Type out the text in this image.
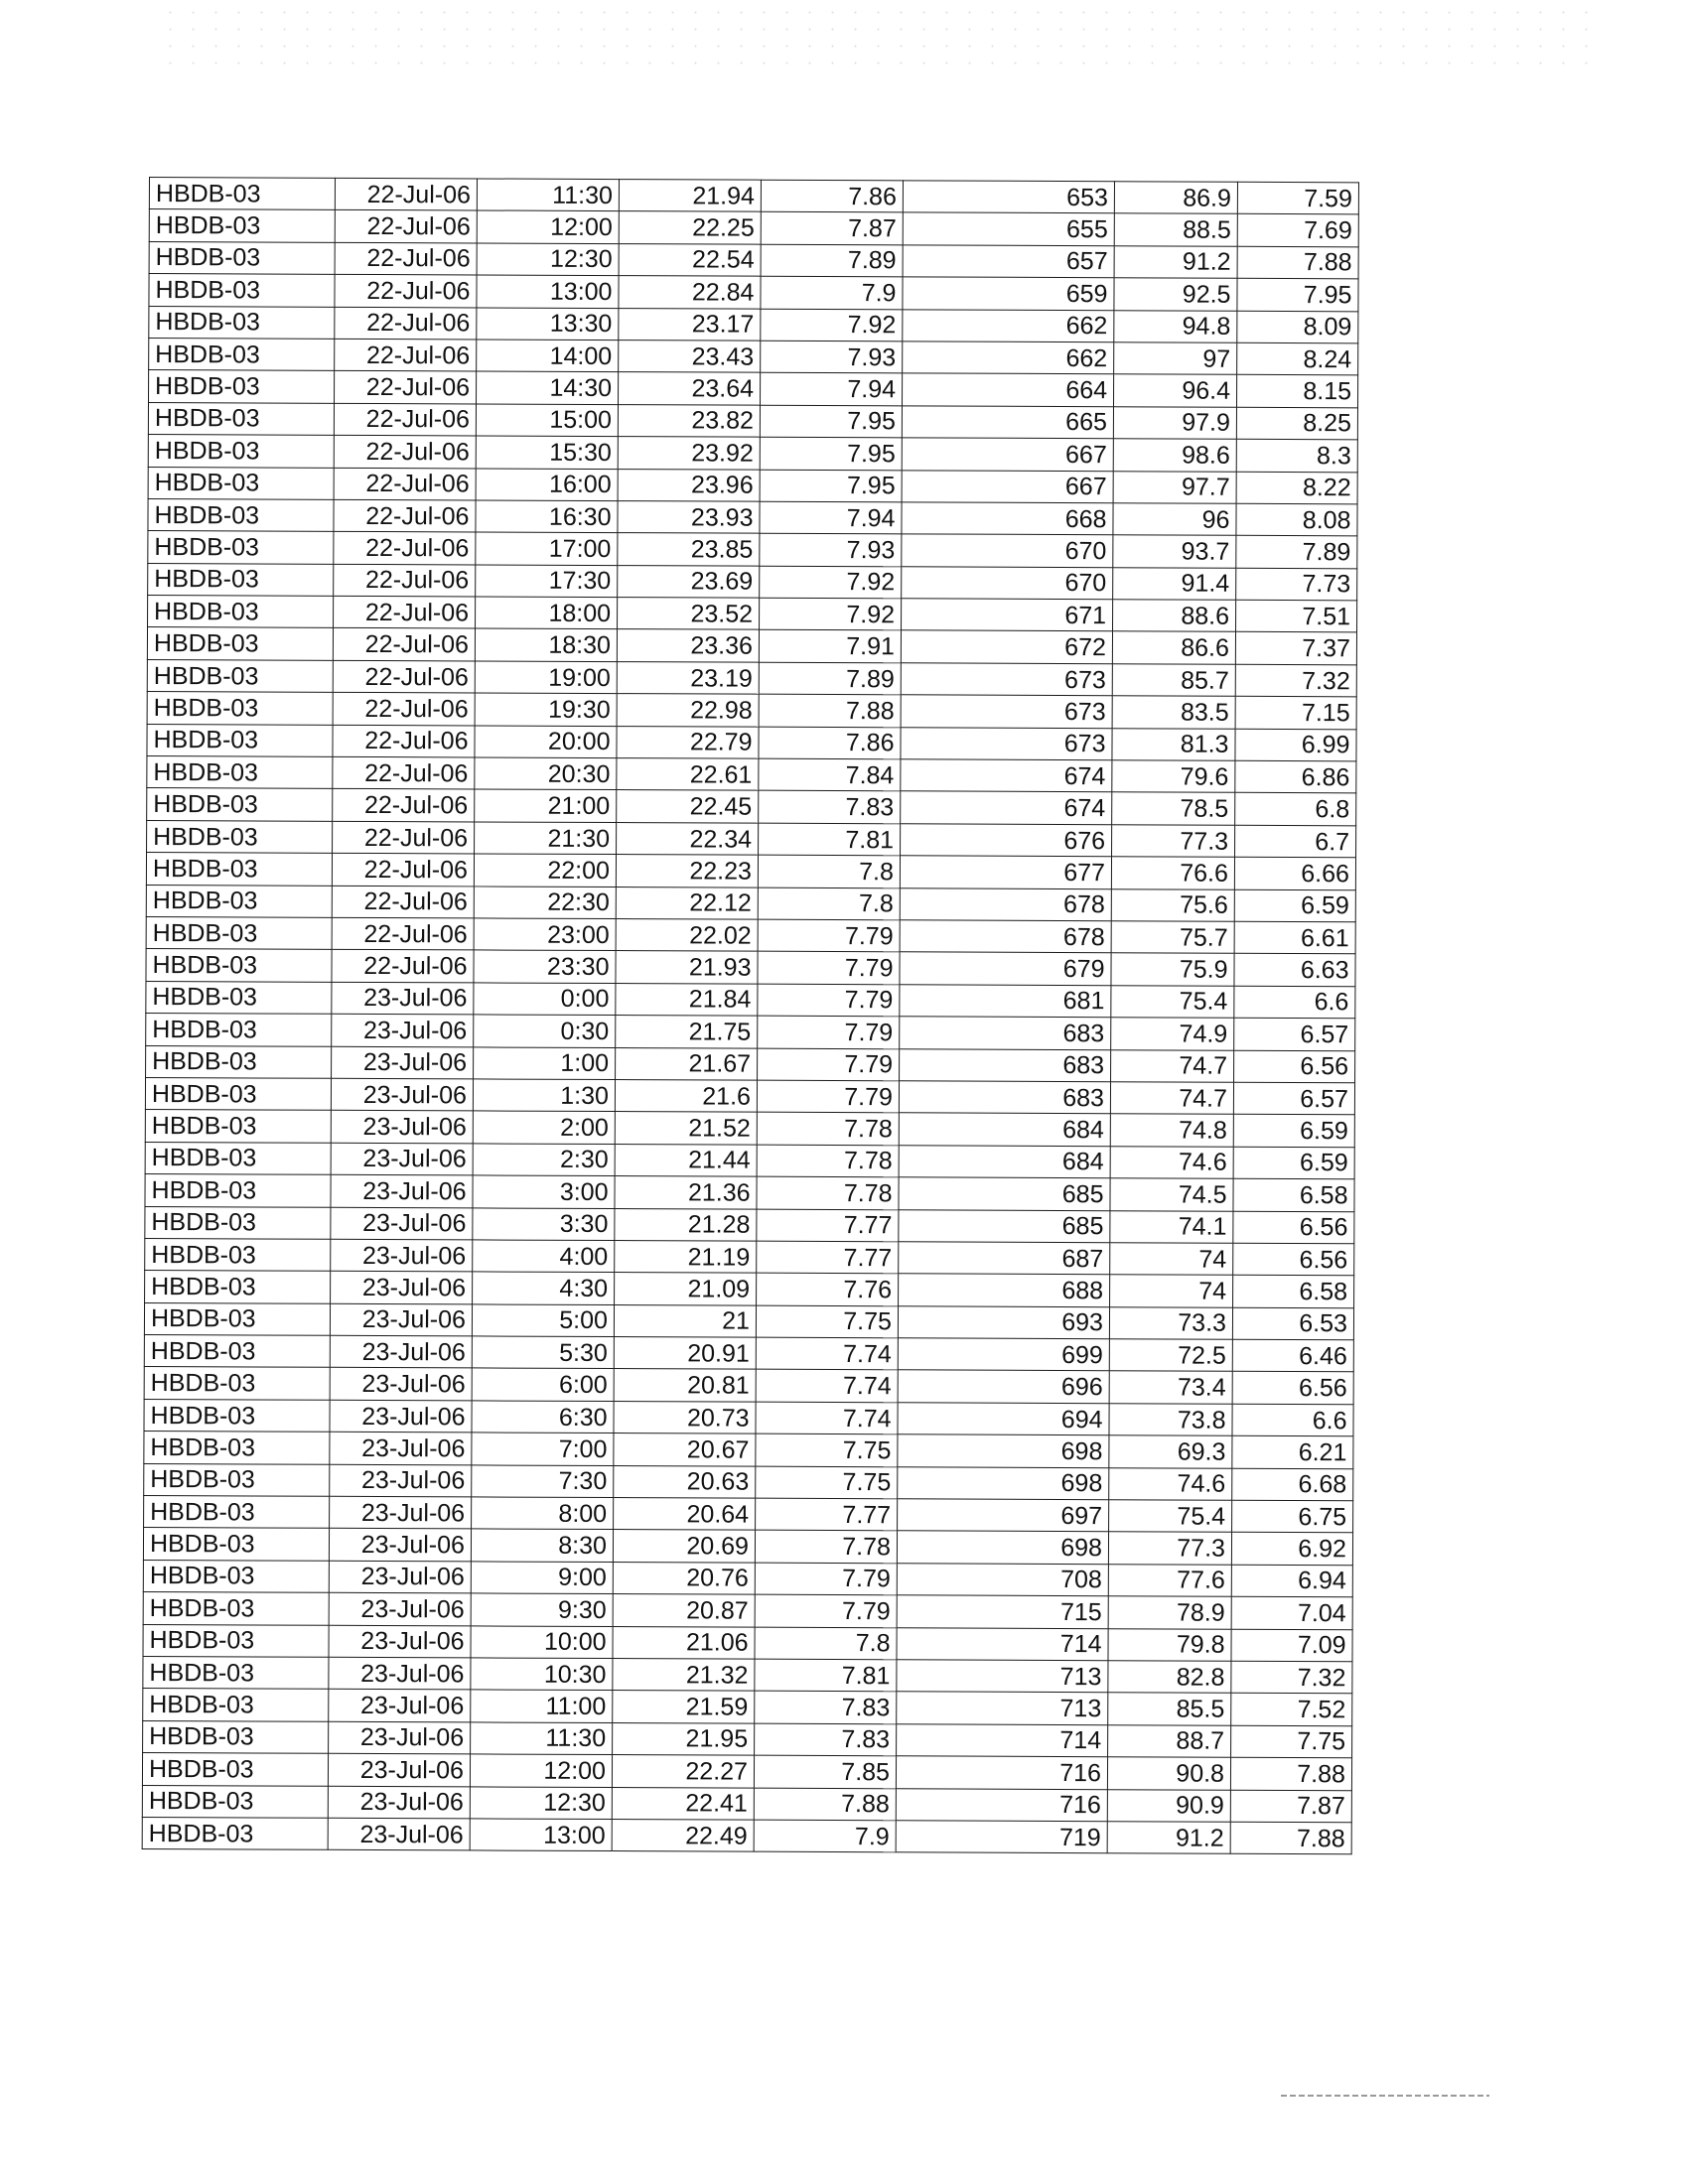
HBDB-03	22-Jul-06	11:30	21.94	7.86	653	86.9	7.59
HBDB-03	22-Jul-06	12:00	22.25	7.87	655	88.5	7.69
HBDB-03	22-Jul-06	12:30	22.54	7.89	657	91.2	7.88
HBDB-03	22-Jul-06	13:00	22.84	7.9	659	92.5	7.95
HBDB-03	22-Jul-06	13:30	23.17	7.92	662	94.8	8.09
HBDB-03	22-Jul-06	14:00	23.43	7.93	662	97	8.24
HBDB-03	22-Jul-06	14:30	23.64	7.94	664	96.4	8.15
HBDB-03	22-Jul-06	15:00	23.82	7.95	665	97.9	8.25
HBDB-03	22-Jul-06	15:30	23.92	7.95	667	98.6	8.3
HBDB-03	22-Jul-06	16:00	23.96	7.95	667	97.7	8.22
HBDB-03	22-Jul-06	16:30	23.93	7.94	668	96	8.08
HBDB-03	22-Jul-06	17:00	23.85	7.93	670	93.7	7.89
HBDB-03	22-Jul-06	17:30	23.69	7.92	670	91.4	7.73
HBDB-03	22-Jul-06	18:00	23.52	7.92	671	88.6	7.51
HBDB-03	22-Jul-06	18:30	23.36	7.91	672	86.6	7.37
HBDB-03	22-Jul-06	19:00	23.19	7.89	673	85.7	7.32
HBDB-03	22-Jul-06	19:30	22.98	7.88	673	83.5	7.15
HBDB-03	22-Jul-06	20:00	22.79	7.86	673	81.3	6.99
HBDB-03	22-Jul-06	20:30	22.61	7.84	674	79.6	6.86
HBDB-03	22-Jul-06	21:00	22.45	7.83	674	78.5	6.8
HBDB-03	22-Jul-06	21:30	22.34	7.81	676	77.3	6.7
HBDB-03	22-Jul-06	22:00	22.23	7.8	677	76.6	6.66
HBDB-03	22-Jul-06	22:30	22.12	7.8	678	75.6	6.59
HBDB-03	22-Jul-06	23:00	22.02	7.79	678	75.7	6.61
HBDB-03	22-Jul-06	23:30	21.93	7.79	679	75.9	6.63
HBDB-03	23-Jul-06	0:00	21.84	7.79	681	75.4	6.6
HBDB-03	23-Jul-06	0:30	21.75	7.79	683	74.9	6.57
HBDB-03	23-Jul-06	1:00	21.67	7.79	683	74.7	6.56
HBDB-03	23-Jul-06	1:30	21.6	7.79	683	74.7	6.57
HBDB-03	23-Jul-06	2:00	21.52	7.78	684	74.8	6.59
HBDB-03	23-Jul-06	2:30	21.44	7.78	684	74.6	6.59
HBDB-03	23-Jul-06	3:00	21.36	7.78	685	74.5	6.58
HBDB-03	23-Jul-06	3:30	21.28	7.77	685	74.1	6.56
HBDB-03	23-Jul-06	4:00	21.19	7.77	687	74	6.56
HBDB-03	23-Jul-06	4:30	21.09	7.76	688	74	6.58
HBDB-03	23-Jul-06	5:00	21	7.75	693	73.3	6.53
HBDB-03	23-Jul-06	5:30	20.91	7.74	699	72.5	6.46
HBDB-03	23-Jul-06	6:00	20.81	7.74	696	73.4	6.56
HBDB-03	23-Jul-06	6:30	20.73	7.74	694	73.8	6.6
HBDB-03	23-Jul-06	7:00	20.67	7.75	698	69.3	6.21
HBDB-03	23-Jul-06	7:30	20.63	7.75	698	74.6	6.68
HBDB-03	23-Jul-06	8:00	20.64	7.77	697	75.4	6.75
HBDB-03	23-Jul-06	8:30	20.69	7.78	698	77.3	6.92
HBDB-03	23-Jul-06	9:00	20.76	7.79	708	77.6	6.94
HBDB-03	23-Jul-06	9:30	20.87	7.79	715	78.9	7.04
HBDB-03	23-Jul-06	10:00	21.06	7.8	714	79.8	7.09
HBDB-03	23-Jul-06	10:30	21.32	7.81	713	82.8	7.32
HBDB-03	23-Jul-06	11:00	21.59	7.83	713	85.5	7.52
HBDB-03	23-Jul-06	11:30	21.95	7.83	714	88.7	7.75
HBDB-03	23-Jul-06	12:00	22.27	7.85	716	90.8	7.88
HBDB-03	23-Jul-06	12:30	22.41	7.88	716	90.9	7.87
HBDB-03	23-Jul-06	13:00	22.49	7.9	719	91.2	7.88
